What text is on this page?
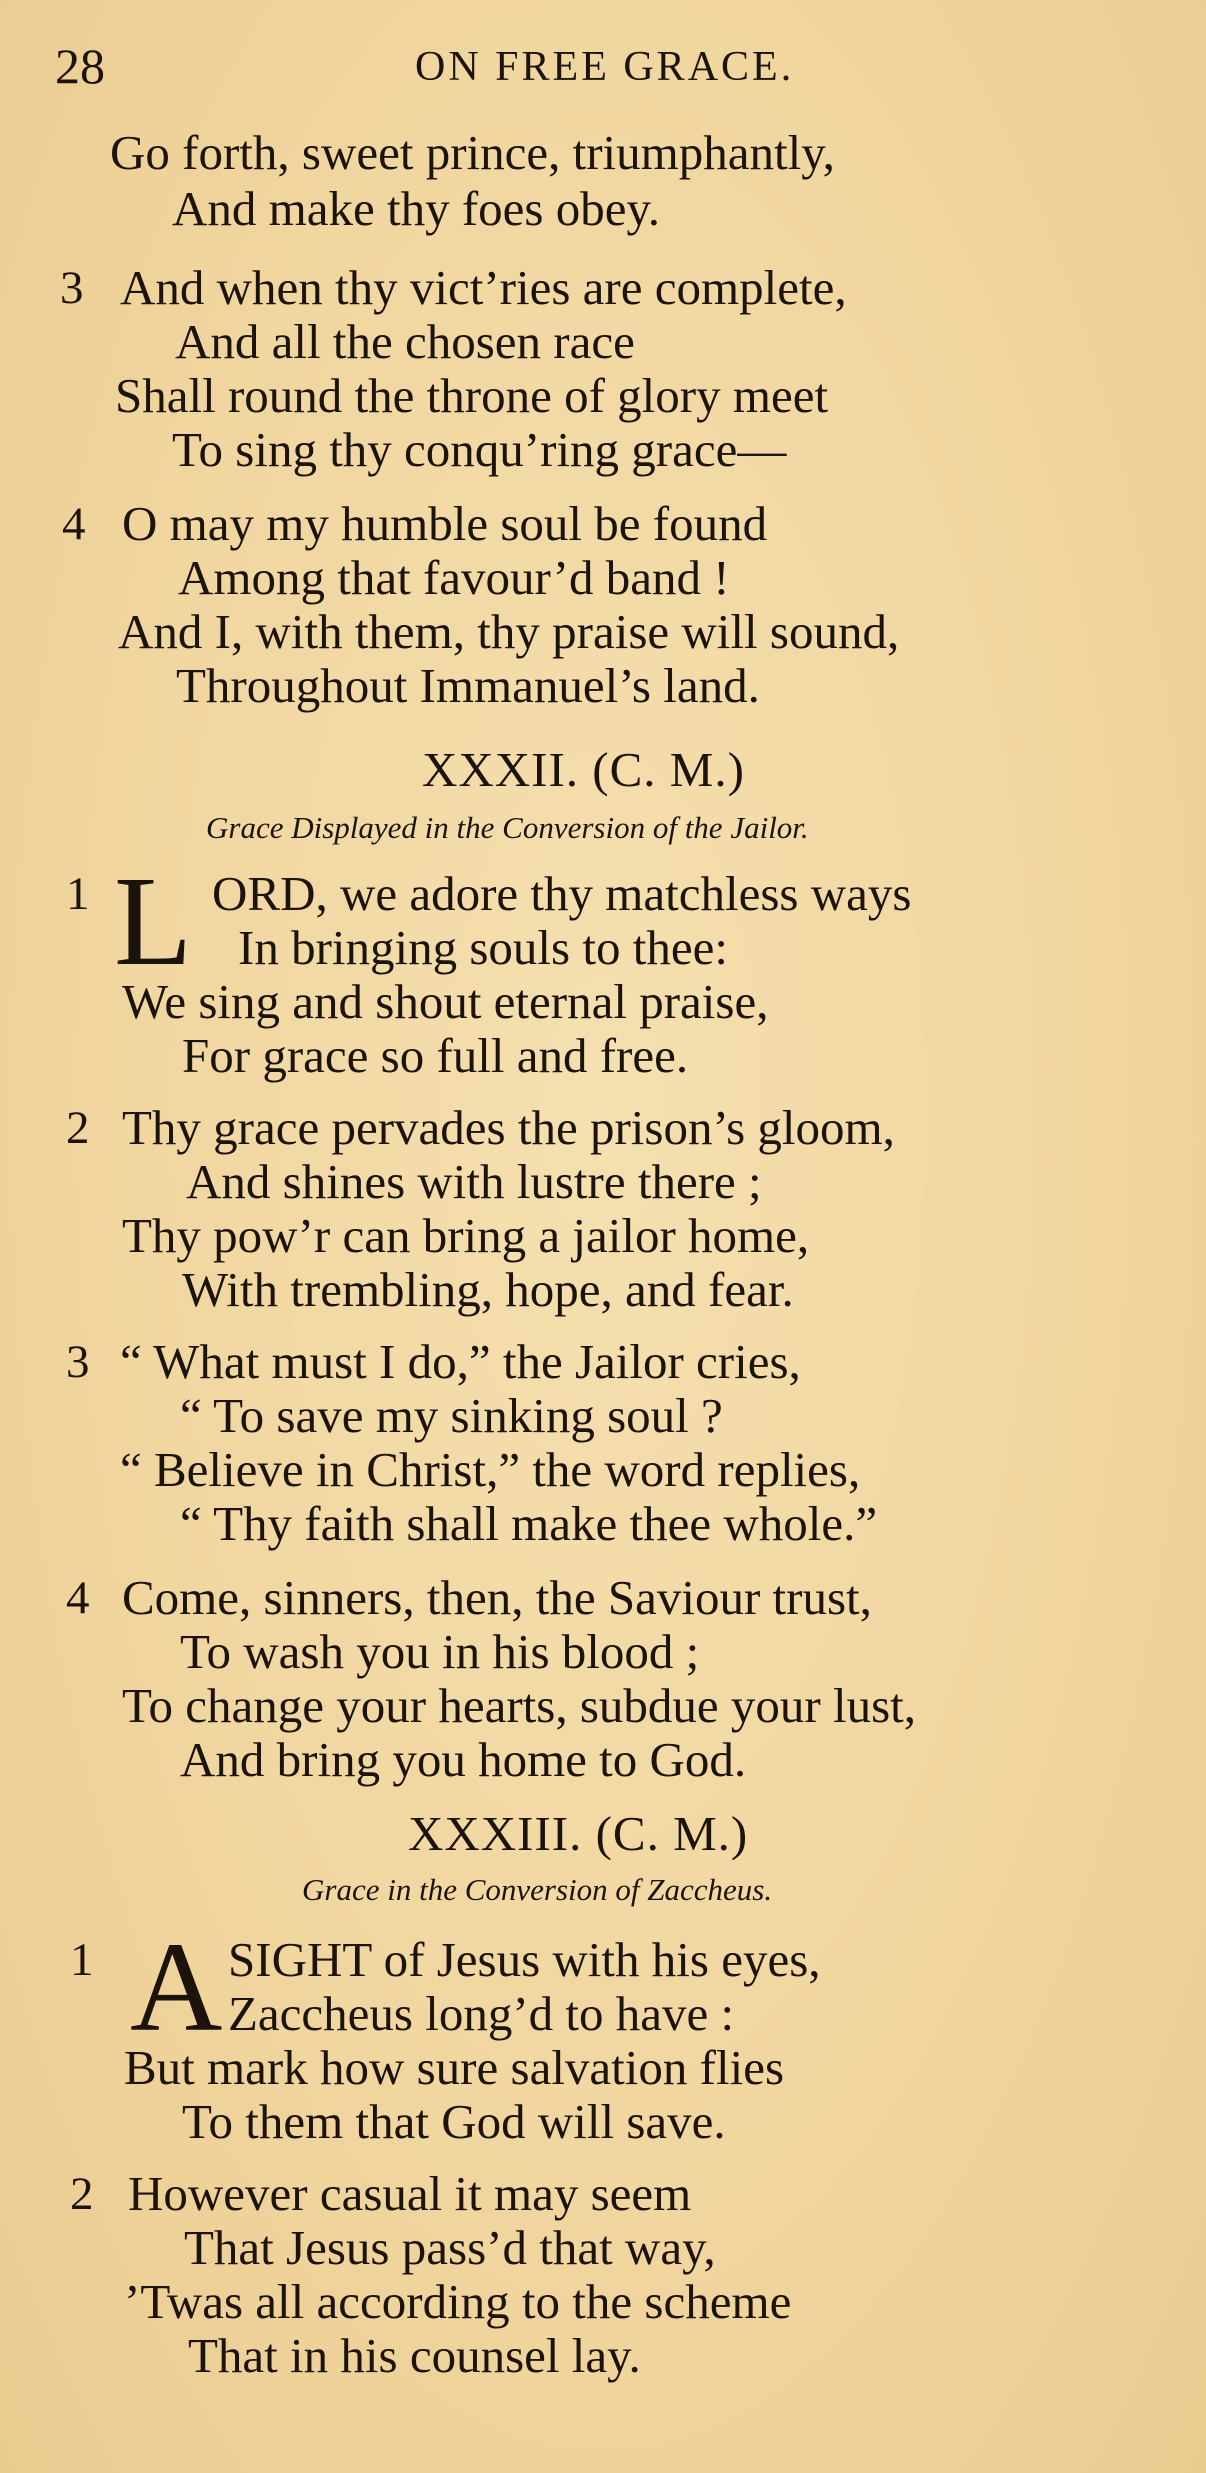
28	ON FREE GRACE.
Go forth, sweet prince, triumphantly,
And make thy foes obey.
3 And when thy vict’ries are complete,
And all the chosen race
Shall round the throne of glory meet
To sing thy conqu’ring grace—
4 O may my humble soul be found
Among that favour’d band !
And I, with them, thy praise will sound,
Throughout Immanuel’s land.
XXXII. (C. M.)
Grace Displayed in the Conversion of the Jailor.
1 L ORD, we adore thy matchless ways
In bringing souls to thee:
We sing and shout eternal praise,
For grace so full and free.
2 Thy grace pervades the prison’s gloom,
And shines with lustre there ;
Thy pow’r can bring a jailor home,
With trembling, hope, and fear.
3 “ What must I do,” the Jailor cries,
“ To save my sinking soul ?
“ Believe in Christ,” the word replies,
“ Thy faith shall make thee whole.”
4 Come, sinners, then, the Saviour trust,
To wash you in his blood ;
To change your hearts, subdue your lust,
And bring you home to God.
XXXIII. (C. M.)
Grace in the Conversion of Zaccheus.
1 A SIGHT of Jesus with his eyes,
Zaccheus long’d to have :
But mark how sure salvation flies
To them that God will save.
2 However casual it may seem
That Jesus pass’d that way,
’Twas all according to the scheme
That in his counsel lay.
